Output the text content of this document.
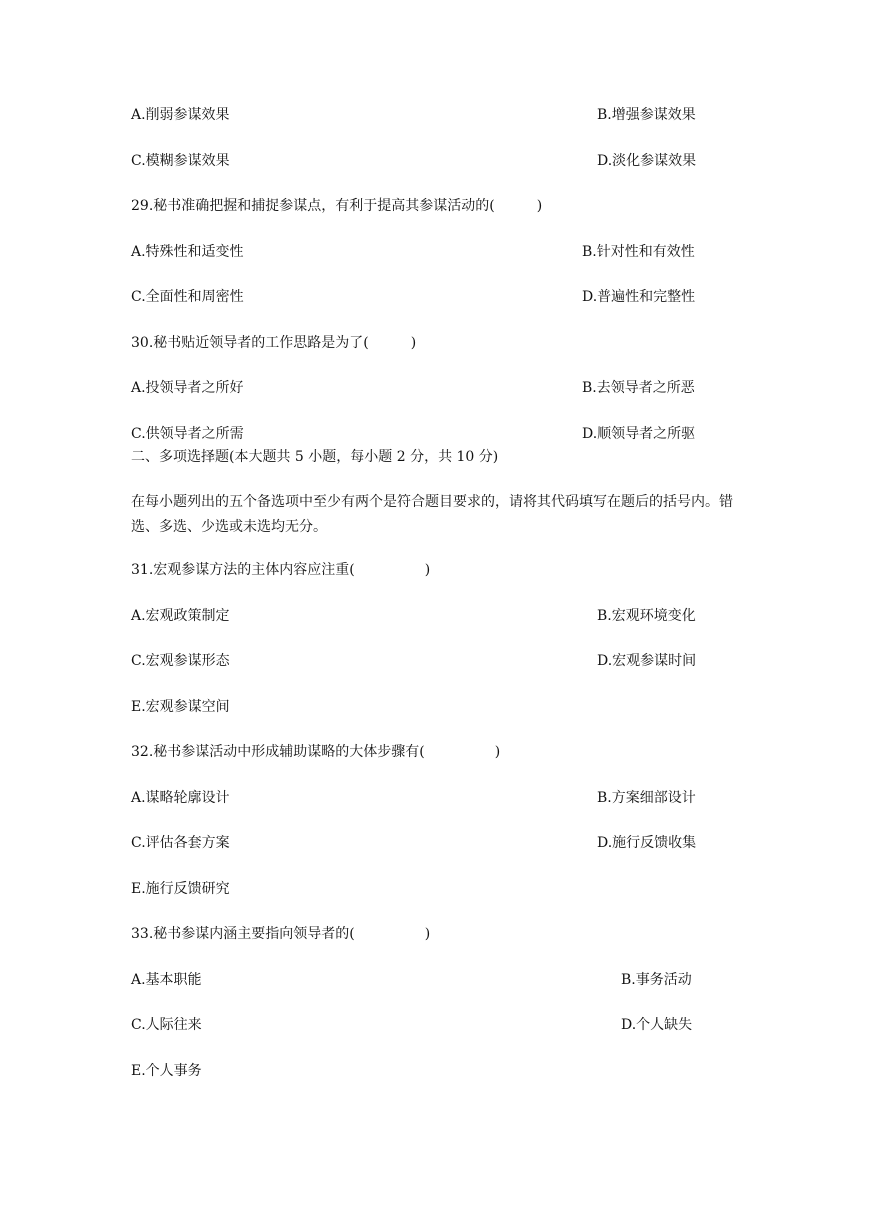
A.削弱参谋效果	B.增强参谋效果
C.模糊参谋效果	D.淡化参谋效果
29.秘书准确把握和捕捉参谋点，有利于提高其参谋活动的(　　　)
A.特殊性和适变性	B.针对性和有效性
C.全面性和周密性	D.普遍性和完整性
30.秘书贴近领导者的工作思路是为了(　　　)
A.投领导者之所好	B.去领导者之所恶
C.供领导者之所需	D.顺领导者之所驱
二、多项选择题(本大题共 5 小题，每小题 2 分，共 10 分)
在每小题列出的五个备选项中至少有两个是符合题目要求的，请将其代码填写在题后的括号内。错选、多选、少选或未选均无分。
31.宏观参谋方法的主体内容应注重(　　　　　)
A.宏观政策制定	B.宏观环境变化
C.宏观参谋形态	D.宏观参谋时间
E.宏观参谋空间
32.秘书参谋活动中形成辅助谋略的大体步骤有(　　　　　)
A.谋略轮廓设计	B.方案细部设计
C.评估各套方案	D.施行反馈收集
E.施行反馈研究
33.秘书参谋内涵主要指向领导者的(　　　　　)
A.基本职能	B.事务活动
C.人际往来	D.个人缺失
E.个人事务
